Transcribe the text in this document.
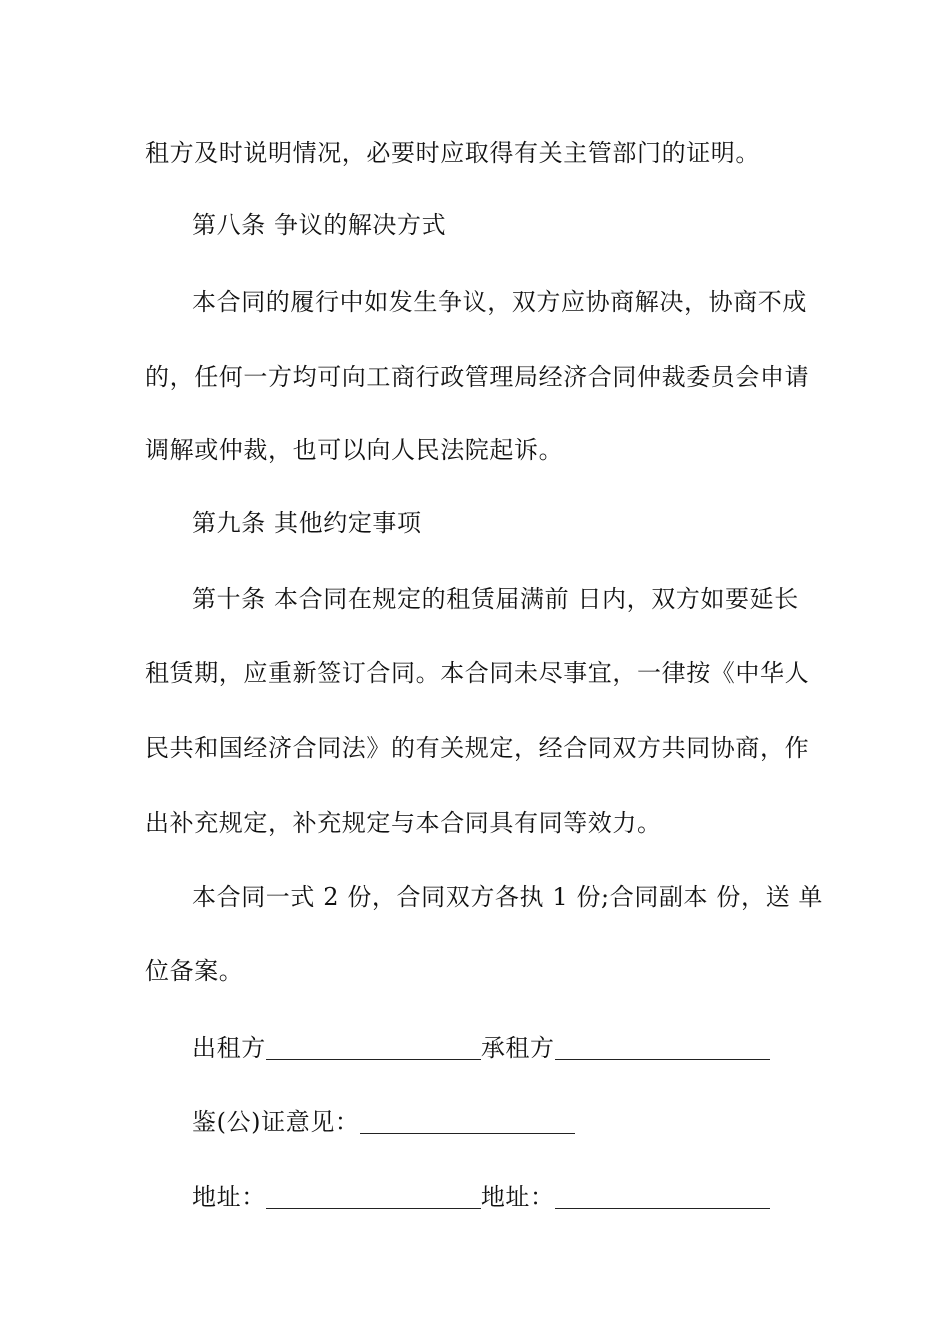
租方及时说明情况，必要时应取得有关主管部门的证明。
第八条 争议的解决方式
本合同的履行中如发生争议，双方应协商解决，协商不成
的，任何一方均可向工商行政管理局经济合同仲裁委员会申请
调解或仲裁，也可以向人民法院起诉。
第九条 其他约定事项
第十条 本合同在规定的租赁届满前 日内，双方如要延长
租赁期，应重新签订合同。本合同未尽事宜，一律按《中华人
民共和国经济合同法》的有关规定，经合同双方共同协商，作
出补充规定，补充规定与本合同具有同等效力。
本合同一式 2 份，合同双方各执 1 份;合同副本 份，送 单
位备案。
出租方	承租方
鉴(公)证意见：
地址：	地址：
